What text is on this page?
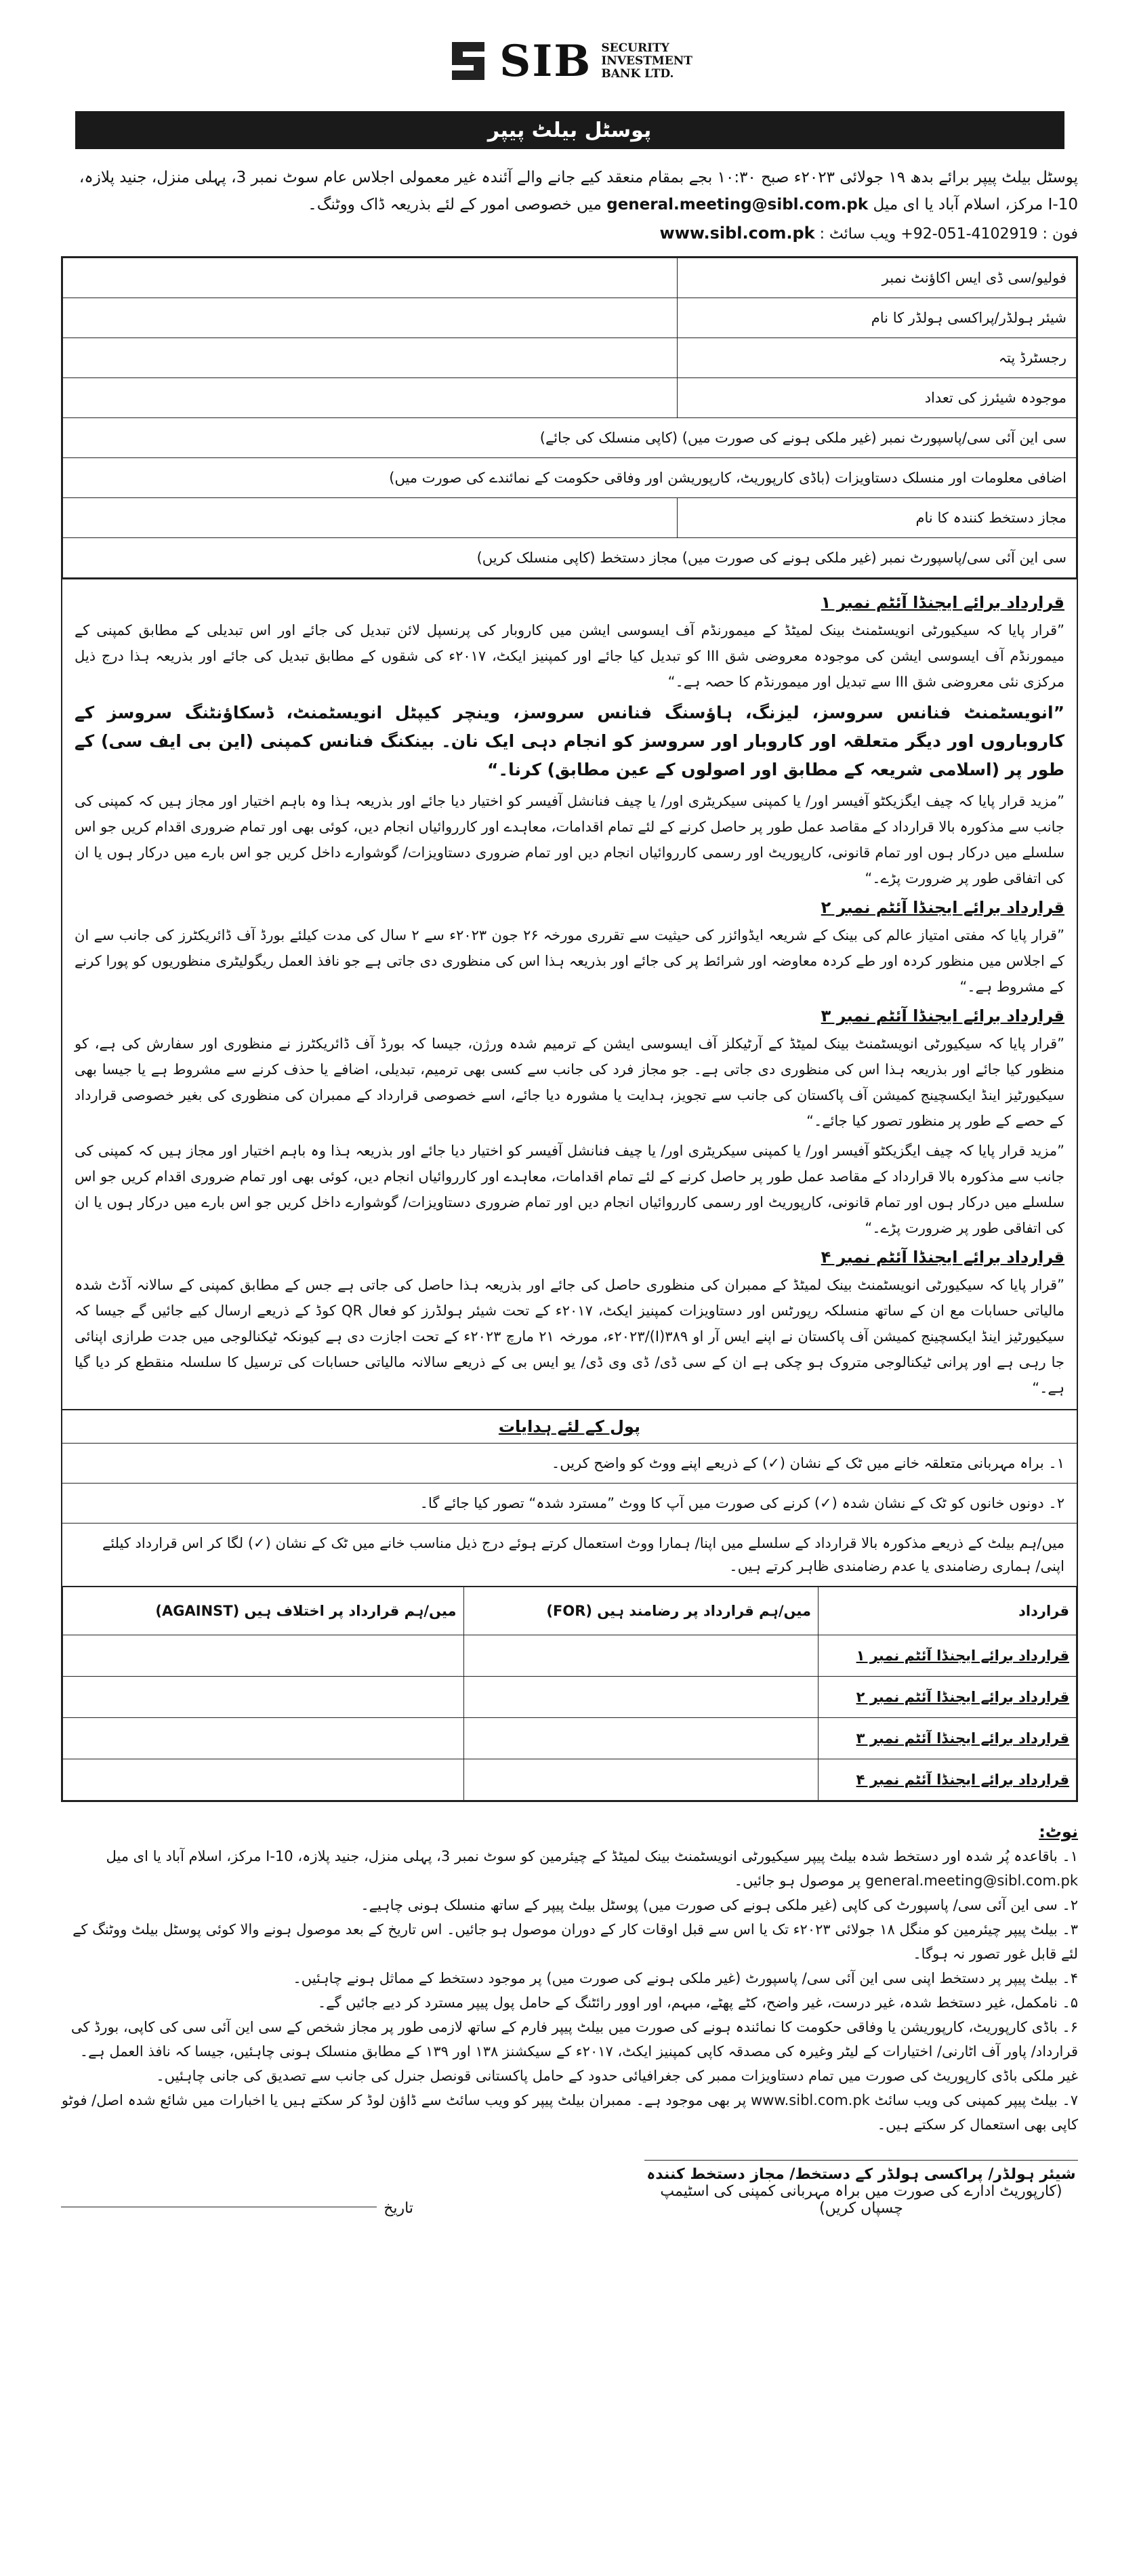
SIB SECURITY
INVESTMENT
BANK LTD.
پوسٹل بیلٹ پیپر
پوسٹل بیلٹ پیپر برائے بدھ ۱۹ جولائی ۲۰۲۳ء صبح ۱۰:۳۰ بجے بمقام منعقد کیے جانے والے آئندہ غیر معمولی اجلاس عام سوٹ نمبر 3، پہلی منزل، جنید پلازہ، 10-I مرکز، اسلام آباد یا ای میل general.meeting@sibl.com.pk میں خصوصی امور کے لئے بذریعہ ڈاک ووٹنگ۔
فون : +92-051-4102919 ویب سائٹ : www.sibl.com.pk
فولیو/سی ڈی ایس اکاؤنٹ نمبر	
شیئر ہولڈر/پراکسی ہولڈر کا نام	
رجسٹرڈ پتہ	
موجودہ شیئرز کی تعداد	
سی این آئی سی/پاسپورٹ نمبر (غیر ملکی ہونے کی صورت میں) (کاپی منسلک کی جائے)	
اضافی معلومات اور منسلک دستاویزات (باڈی کارپوریٹ، کارپوریشن اور وفاقی حکومت کے نمائندے کی صورت میں)	
مجاز دستخط کنندہ کا نام	
سی این آئی سی/پاسپورٹ نمبر (غیر ملکی ہونے کی صورت میں) مجاز دستخط (کاپی منسلک کریں)	
قرارداد برائے ایجنڈا آئٹم نمبر ۱

”قرار پایا کہ سیکیورٹی انویسٹمنٹ بینک لمیٹڈ کے میمورنڈم آف ایسوسی ایشن میں کاروبار کی پرنسپل لائن تبدیل کی جائے اور اس تبدیلی کے مطابق کمپنی کے میمورنڈم آف ایسوسی ایشن کی موجودہ معروضی شق III کو تبدیل کیا جائے اور کمپنیز ایکٹ، ۲۰۱۷ء کی شقوں کے مطابق تبدیل کی جائے اور بذریعہ ہذا درج ذیل مرکزی نئی معروضی شق III سے تبدیل اور میمورنڈم کا حصہ ہے۔“

”انویسٹمنٹ فنانس سروسز، لیزنگ، ہاؤسنگ فنانس سروسز، وینچر کیپٹل انویسٹمنٹ، ڈسکاؤنٹنگ سروسز کے کاروباروں اور دیگر متعلقہ اور کاروبار اور سروسز کو انجام دہی ایک نان۔ بینکنگ فنانس کمپنی (این بی ایف سی) کے طور پر (اسلامی شریعہ کے مطابق اور اصولوں کے عین مطابق) کرنا۔“

”مزید قرار پایا کہ چیف ایگزیکٹو آفیسر اور/ یا کمپنی سیکریٹری اور/ یا چیف فنانشل آفیسر کو اختیار دیا جائے اور بذریعہ ہذا وہ باہم اختیار اور مجاز ہیں کہ کمپنی کی جانب سے مذکورہ بالا قرارداد کے مقاصد عمل طور پر حاصل کرنے کے لئے تمام اقدامات، معاہدے اور کارروائیاں انجام دیں، کوئی بھی اور تمام ضروری اقدام کریں جو اس سلسلے میں درکار ہوں اور تمام قانونی، کارپوریٹ اور رسمی کارروائیاں انجام دیں اور تمام ضروری دستاویزات/ گوشوارے داخل کریں جو اس بارے میں درکار ہوں یا ان کی اتفاقی طور پر ضرورت پڑے۔“

قرارداد برائے ایجنڈا آئٹم نمبر ۲

”قرار پایا کہ مفتی امتیاز عالم کی بینک کے شریعہ ایڈوائزر کی حیثیت سے تقرری مورخہ ۲۶ جون ۲۰۲۳ء سے ۲ سال کی مدت کیلئے بورڈ آف ڈائریکٹرز کی جانب سے ان کے اجلاس میں منظور کردہ اور طے کردہ معاوضہ اور شرائط پر کی جائے اور بذریعہ ہذا اس کی منظوری دی جاتی ہے جو نافذ العمل ریگولیٹری منظوریوں کو پورا کرنے کے مشروط ہے۔“

قرارداد برائے ایجنڈا آئٹم نمبر ۳

”قرار پایا کہ سیکیورٹی انویسٹمنٹ بینک لمیٹڈ کے آرٹیکلز آف ایسوسی ایشن کے ترمیم شدہ ورژن، جیسا کہ بورڈ آف ڈائریکٹرز نے منظوری اور سفارش کی ہے، کو منظور کیا جائے اور بذریعہ ہذا اس کی منظوری دی جاتی ہے۔ جو مجاز فرد کی جانب سے کسی بھی ترمیم، تبدیلی، اضافے یا حذف کرنے سے مشروط ہے یا جیسا بھی سیکیورٹیز اینڈ ایکسچینج کمیشن آف پاکستان کی جانب سے تجویز، ہدایت یا مشورہ دیا جائے، اسے خصوصی قرارداد کے ممبران کی منظوری کی بغیر خصوصی قرارداد کے حصے کے طور پر منظور تصور کیا جائے۔“

”مزید قرار پایا کہ چیف ایگزیکٹو آفیسر اور/ یا کمپنی سیکریٹری اور/ یا چیف فنانشل آفیسر کو اختیار دیا جائے اور بذریعہ ہذا وہ باہم اختیار اور مجاز ہیں کہ کمپنی کی جانب سے مذکورہ بالا قرارداد کے مقاصد عمل طور پر حاصل کرنے کے لئے تمام اقدامات، معاہدے اور کارروائیاں انجام دیں، کوئی بھی اور تمام ضروری اقدام کریں جو اس سلسلے میں درکار ہوں اور تمام قانونی، کارپوریٹ اور رسمی کارروائیاں انجام دیں اور تمام ضروری دستاویزات/ گوشوارے داخل کریں جو اس بارے میں درکار ہوں یا ان کی اتفاقی طور پر ضرورت پڑے۔“

قرارداد برائے ایجنڈا آئٹم نمبر ۴

”قرار پایا کہ سیکیورٹی انویسٹمنٹ بینک لمیٹڈ کے ممبران کی منظوری حاصل کی جائے اور بذریعہ ہذا حاصل کی جاتی ہے جس کے مطابق کمپنی کے سالانہ آڈٹ شدہ مالیاتی حسابات مع ان کے ساتھ منسلکہ رپورٹس اور دستاویزات کمپنیز ایکٹ، ۲۰۱۷ء کے تحت شیئر ہولڈرز کو فعال QR کوڈ کے ذریعے ارسال کیے جائیں گے جیسا کہ سیکیورٹیز اینڈ ایکسچینج کمیشن آف پاکستان نے اپنے ایس آر او ۳۸۹(I)/۲۰۲۳ء، مورخہ ۲۱ مارچ ۲۰۲۳ء کے تحت اجازت دی ہے کیونکہ ٹیکنالوجی میں جدت طرازی اپنائی جا رہی ہے اور پرانی ٹیکنالوجی متروک ہو چکی ہے ان کے سی ڈی/ ڈی وی ڈی/ یو ایس بی کے ذریعے سالانہ مالیاتی حسابات کی ترسیل کا سلسلہ منقطع کر دیا گیا ہے۔“

پول کے لئے ہدایات
۱۔ براہ مہربانی متعلقہ خانے میں ٹک کے نشان (✓) کے ذریعے اپنے ووٹ کو واضح کریں۔
۲۔ دونوں خانوں کو ٹک کے نشان شدہ (✓) کرنے کی صورت میں آپ کا ووٹ ”مسترد شدہ“ تصور کیا جائے گا۔
میں/ہم بیلٹ کے ذریعے مذکورہ بالا قرارداد کے سلسلے میں اپنا/ ہمارا ووٹ استعمال کرتے ہوئے درج ذیل مناسب خانے میں ٹک کے نشان (✓) لگا کر اس قرارداد کیلئے اپنی/ ہماری رضامندی یا عدم رضامندی ظاہر کرتے ہیں۔
قرارداد	میں/ہم قرارداد پر رضامند ہیں (FOR)	میں/ہم قرارداد پر اختلاف ہیں (AGAINST)
قرارداد برائے ایجنڈا آئٹم نمبر ۱		
قرارداد برائے ایجنڈا آئٹم نمبر ۲		
قرارداد برائے ایجنڈا آئٹم نمبر ۳		
قرارداد برائے ایجنڈا آئٹم نمبر ۴		
نوٹ:
۱۔ باقاعدہ پُر شدہ اور دستخط شدہ بیلٹ پیپر سیکیورٹی انویسٹمنٹ بینک لمیٹڈ کے چیئرمین کو سوٹ نمبر 3، پہلی منزل، جنید پلازہ، 10-I مرکز، اسلام آباد یا ای میل general.meeting@sibl.com.pk پر موصول ہو جائیں۔
۲۔ سی این آئی سی/ پاسپورٹ کی کاپی (غیر ملکی ہونے کی صورت میں) پوسٹل بیلٹ پیپر کے ساتھ منسلک ہونی چاہیے۔
۳۔ بیلٹ پیپر چیئرمین کو منگل ۱۸ جولائی ۲۰۲۳ء تک یا اس سے قبل اوقات کار کے دوران موصول ہو جائیں۔ اس تاریخ کے بعد موصول ہونے والا کوئی پوسٹل بیلٹ ووٹنگ کے لئے قابل غور تصور نہ ہوگا۔
۴۔ بیلٹ پیپر پر دستخط اپنی سی این آئی سی/ پاسپورٹ (غیر ملکی ہونے کی صورت میں) پر موجود دستخط کے مماثل ہونے چاہئیں۔
۵۔ نامکمل، غیر دستخط شدہ، غیر درست، غیر واضح، کٹے پھٹے، مبہم، اور اوور رائٹنگ کے حامل پول پیپر مسترد کر دیے جائیں گے۔
۶۔ باڈی کارپوریٹ، کارپوریشن یا وفاقی حکومت کا نمائندہ ہونے کی صورت میں بیلٹ پیپر فارم کے ساتھ لازمی طور پر مجاز شخص کے سی این آئی سی کی کاپی، بورڈ کی قرارداد/ پاور آف اٹارنی/ اختیارات کے لیٹر وغیرہ کی مصدقہ کاپی کمپنیز ایکٹ، ۲۰۱۷ء کے سیکشنز ۱۳۸ اور ۱۳۹ کے مطابق منسلک ہونی چاہئیں، جیسا کہ نافذ العمل ہے۔ غیر ملکی باڈی کارپوریٹ کی صورت میں تمام دستاویزات ممبر کی جغرافیائی حدود کے حامل پاکستانی قونصل جنرل کی جانب سے تصدیق کی جانی چاہئیں۔
۷۔ بیلٹ پیپر کمپنی کی ویب سائٹ www.sibl.com.pk پر بھی موجود ہے۔ ممبران بیلٹ پیپر کو ویب سائٹ سے ڈاؤن لوڈ کر سکتے ہیں یا اخبارات میں شائع شدہ اصل/ فوٹو کاپی بھی استعمال کر سکتے ہیں۔
تاریخ
شیئر ہولڈر/ پراکسی ہولڈر کے دستخط/ مجاز دستخط کنندہ
(کارپوریٹ ادارے کی صورت میں براہ مہربانی کمپنی کی اسٹیمپ چسپاں کریں)
